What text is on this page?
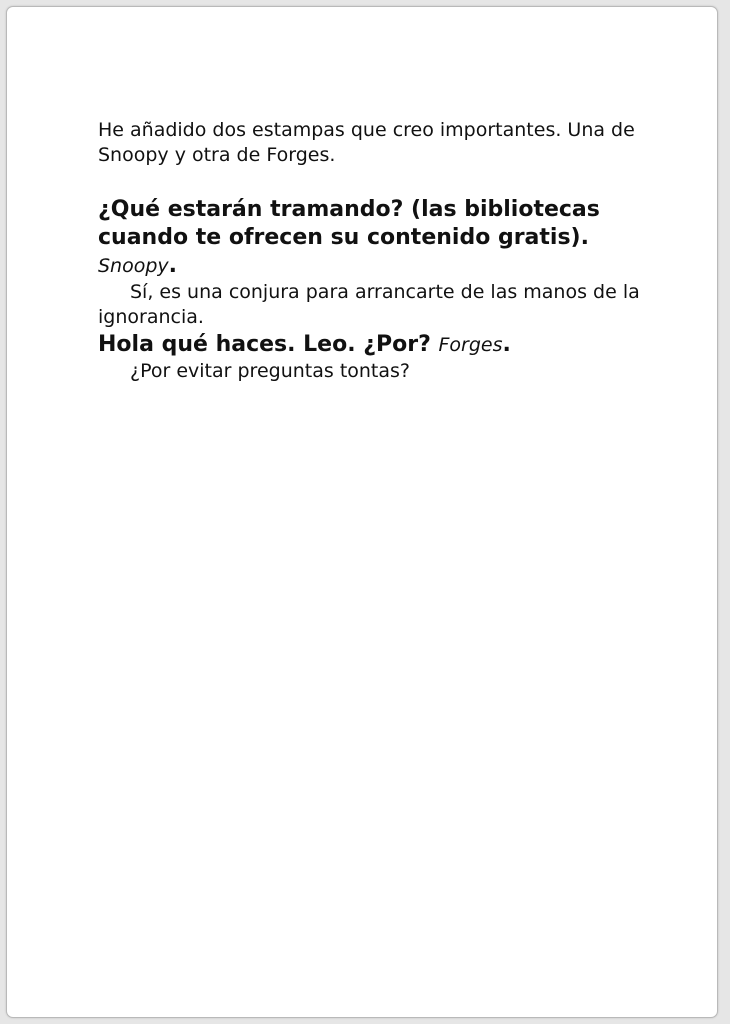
He añadido dos estampas que creo importantes. Una de Snoopy y otra de Forges.

¿Qué estarán tramando? (las bibliotecas cuando te ofrecen su contenido gratis). Snoopy.

Sí, es una conjura para arrancarte de las manos de la ignorancia.

Hola qué haces. Leo. ¿Por? Forges.

¿Por evitar preguntas tontas?
